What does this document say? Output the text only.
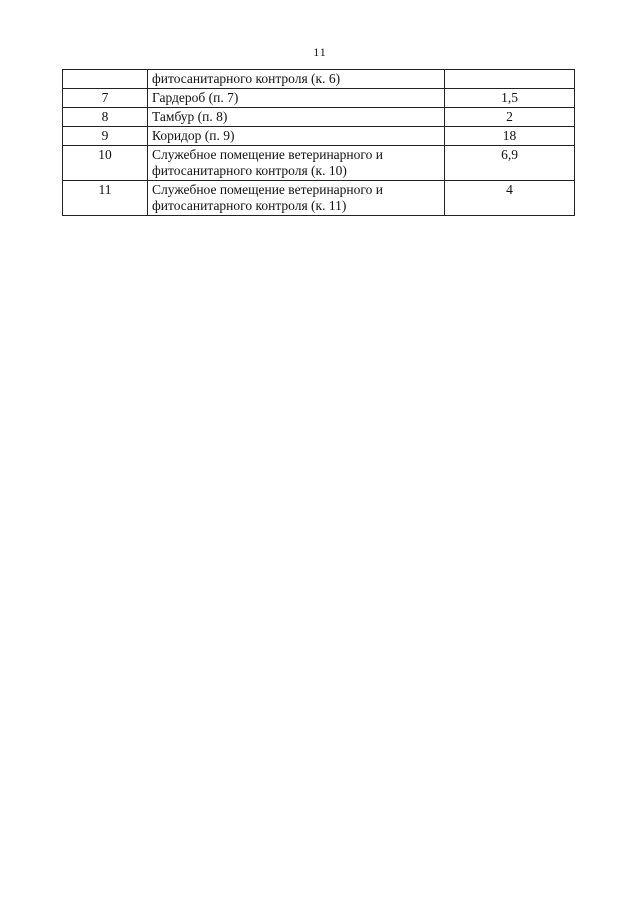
11
	фитосанитарного контроля (к. 6)	
7	Гардероб (п. 7)	1,5
8	Тамбур (п. 8)	2
9	Коридор (п. 9)	18
10	Служебное помещение ветеринарного и фитосанитарного контроля (к. 10)	6,9
11	Служебное помещение ветеринарного и фитосанитарного контроля (к. 11)	4
